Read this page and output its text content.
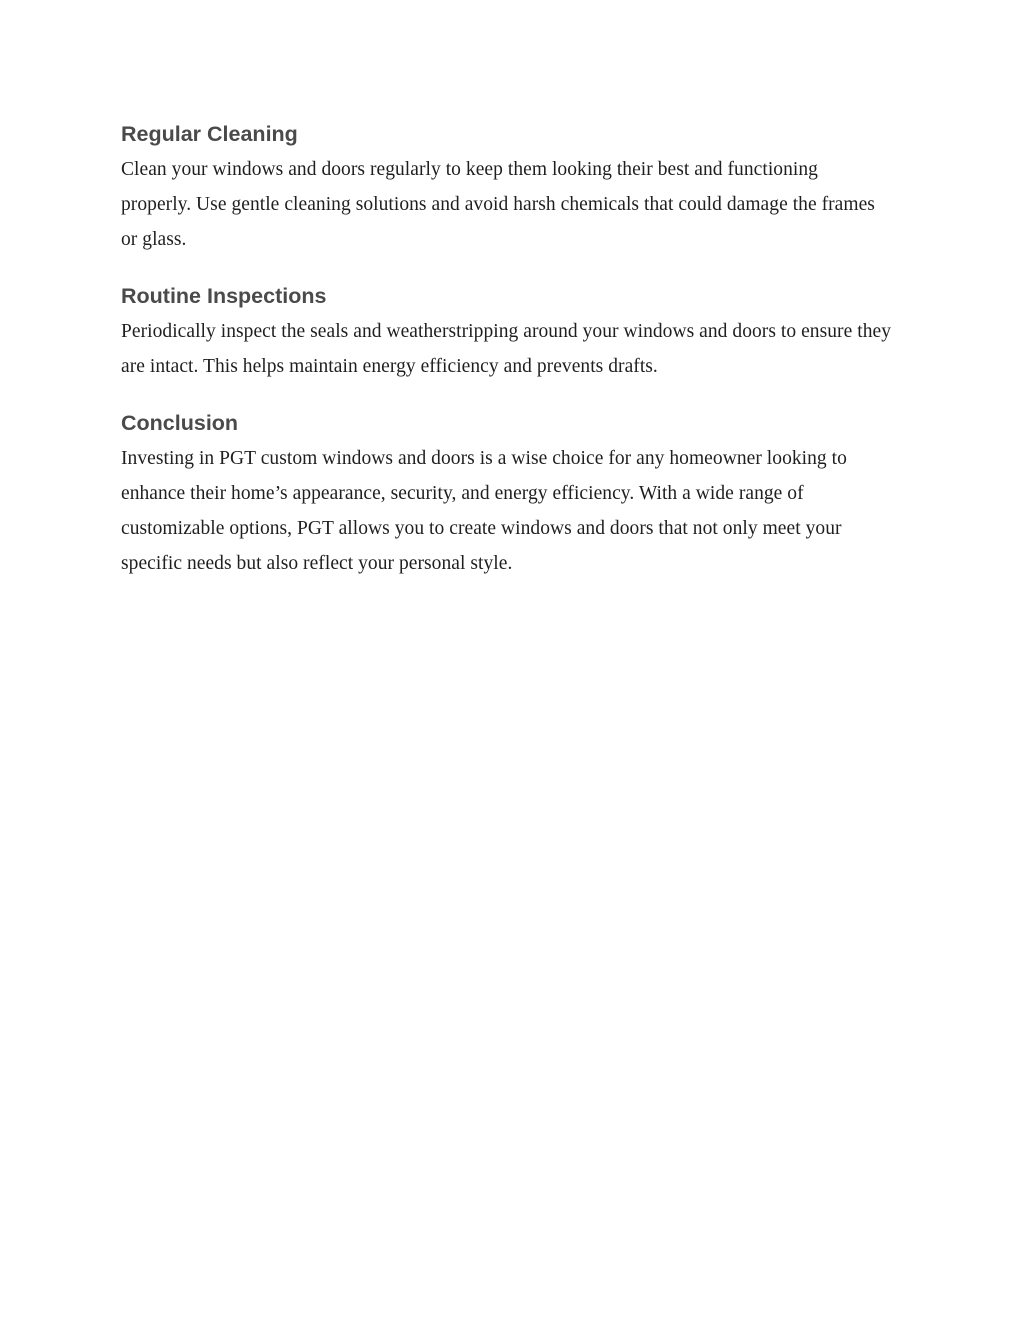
Regular Cleaning

Clean your windows and doors regularly to keep them looking their best and functioning properly. Use gentle cleaning solutions and avoid harsh chemicals that could damage the frames or glass.

Routine Inspections

Periodically inspect the seals and weatherstripping around your windows and doors to ensure they are intact. This helps maintain energy efficiency and prevents drafts.

Conclusion

Investing in PGT custom windows and doors is a wise choice for any homeowner looking to enhance their home’s appearance, security, and energy efficiency. With a wide range of customizable options, PGT allows you to create windows and doors that not only meet your specific needs but also reflect your personal style.
